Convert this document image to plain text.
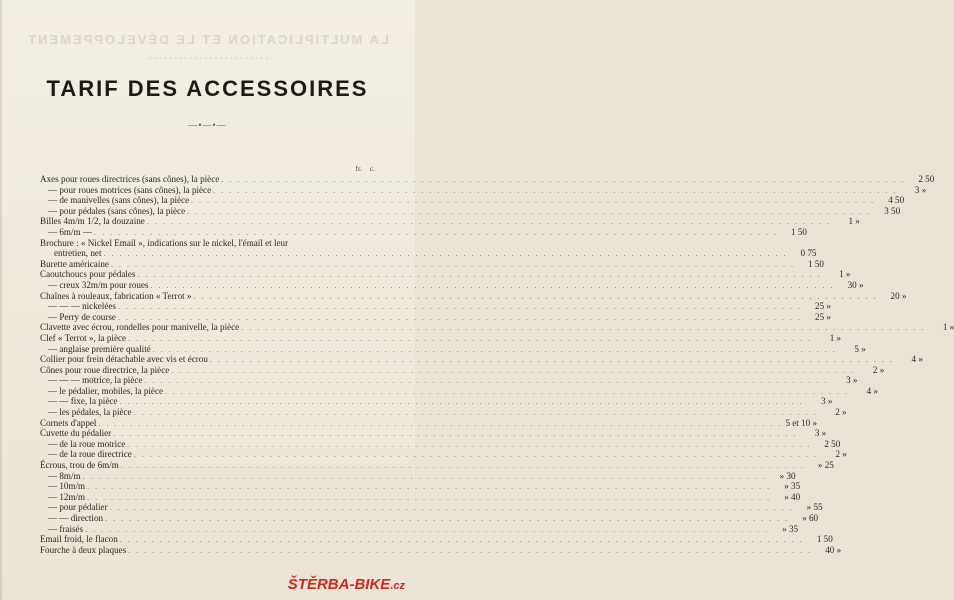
LA MULTIPLICATION ET LE DÉVELOPPEMENT
........................
TARIF DES ACCESSOIRES
—•—•—
fr. c.
Axes pour roues directrices (sans cônes), la pièce . . .	2 50
— pour roues motrices (sans cônes), la pièce . . .	3 »
— de manivelles (sans cônes), la pièce . . .	4 50
— pour pédales (sans cônes), la pièce . . .	3 50
Billes 4m/m 1/2, la douzaine . . .	1 »
— 6m/m — . . .	1 50
Brochure : « Nickel Email », indications sur le nickel, l'émail et leur
entretien, net . . .	0 75
Burette américaine . . .	1 50
Caoutchoucs pour pédales . . .	1 »
— creux 32m/m pour roues . . .	30 »
Chaînes à rouleaux, fabrication « Terrot » . . .	20 »
— — — nickelées . . .	25 »
— Perry de course . . .	25 »
Clavette avec écrou, rondelles pour manivelle, la pièce . . .	1 »
Clef « Terrot », la pièce . . .	1 »
— anglaise première qualité . . .	5 »
Collier pour frein détachable avec vis et écrou . . .	4 »
Cônes pour roue directrice, la pièce . . .	2 »
— — — motrice, la pièce . . .	3 »
— le pédalier, mobiles, la pièce . . .	4 »
— — fixe, la pièce . . .	3 »
— les pédales, la pièce . . .	2 »
Cornets d'appel . . .	5 et 10 »
Cuvette du pédalier . . .	3 »
— de la roue motrice . . .	2 50
— de la roue directrice . . .	2 »
Écrous, trou de 6m/m . . .	» 25
— 8m/m . . .	» 30
— 10m/m . . .	» 35
— 12m/m . . .	» 40
— pour pédalier . . .	» 55
— — direction . . .	» 60
— fraisés . . .	» 35
Email froid, le flacon . . .	1 50
Fourche à deux plaques . . .	40 »
ŠTĚRBA-BIKE.cz
